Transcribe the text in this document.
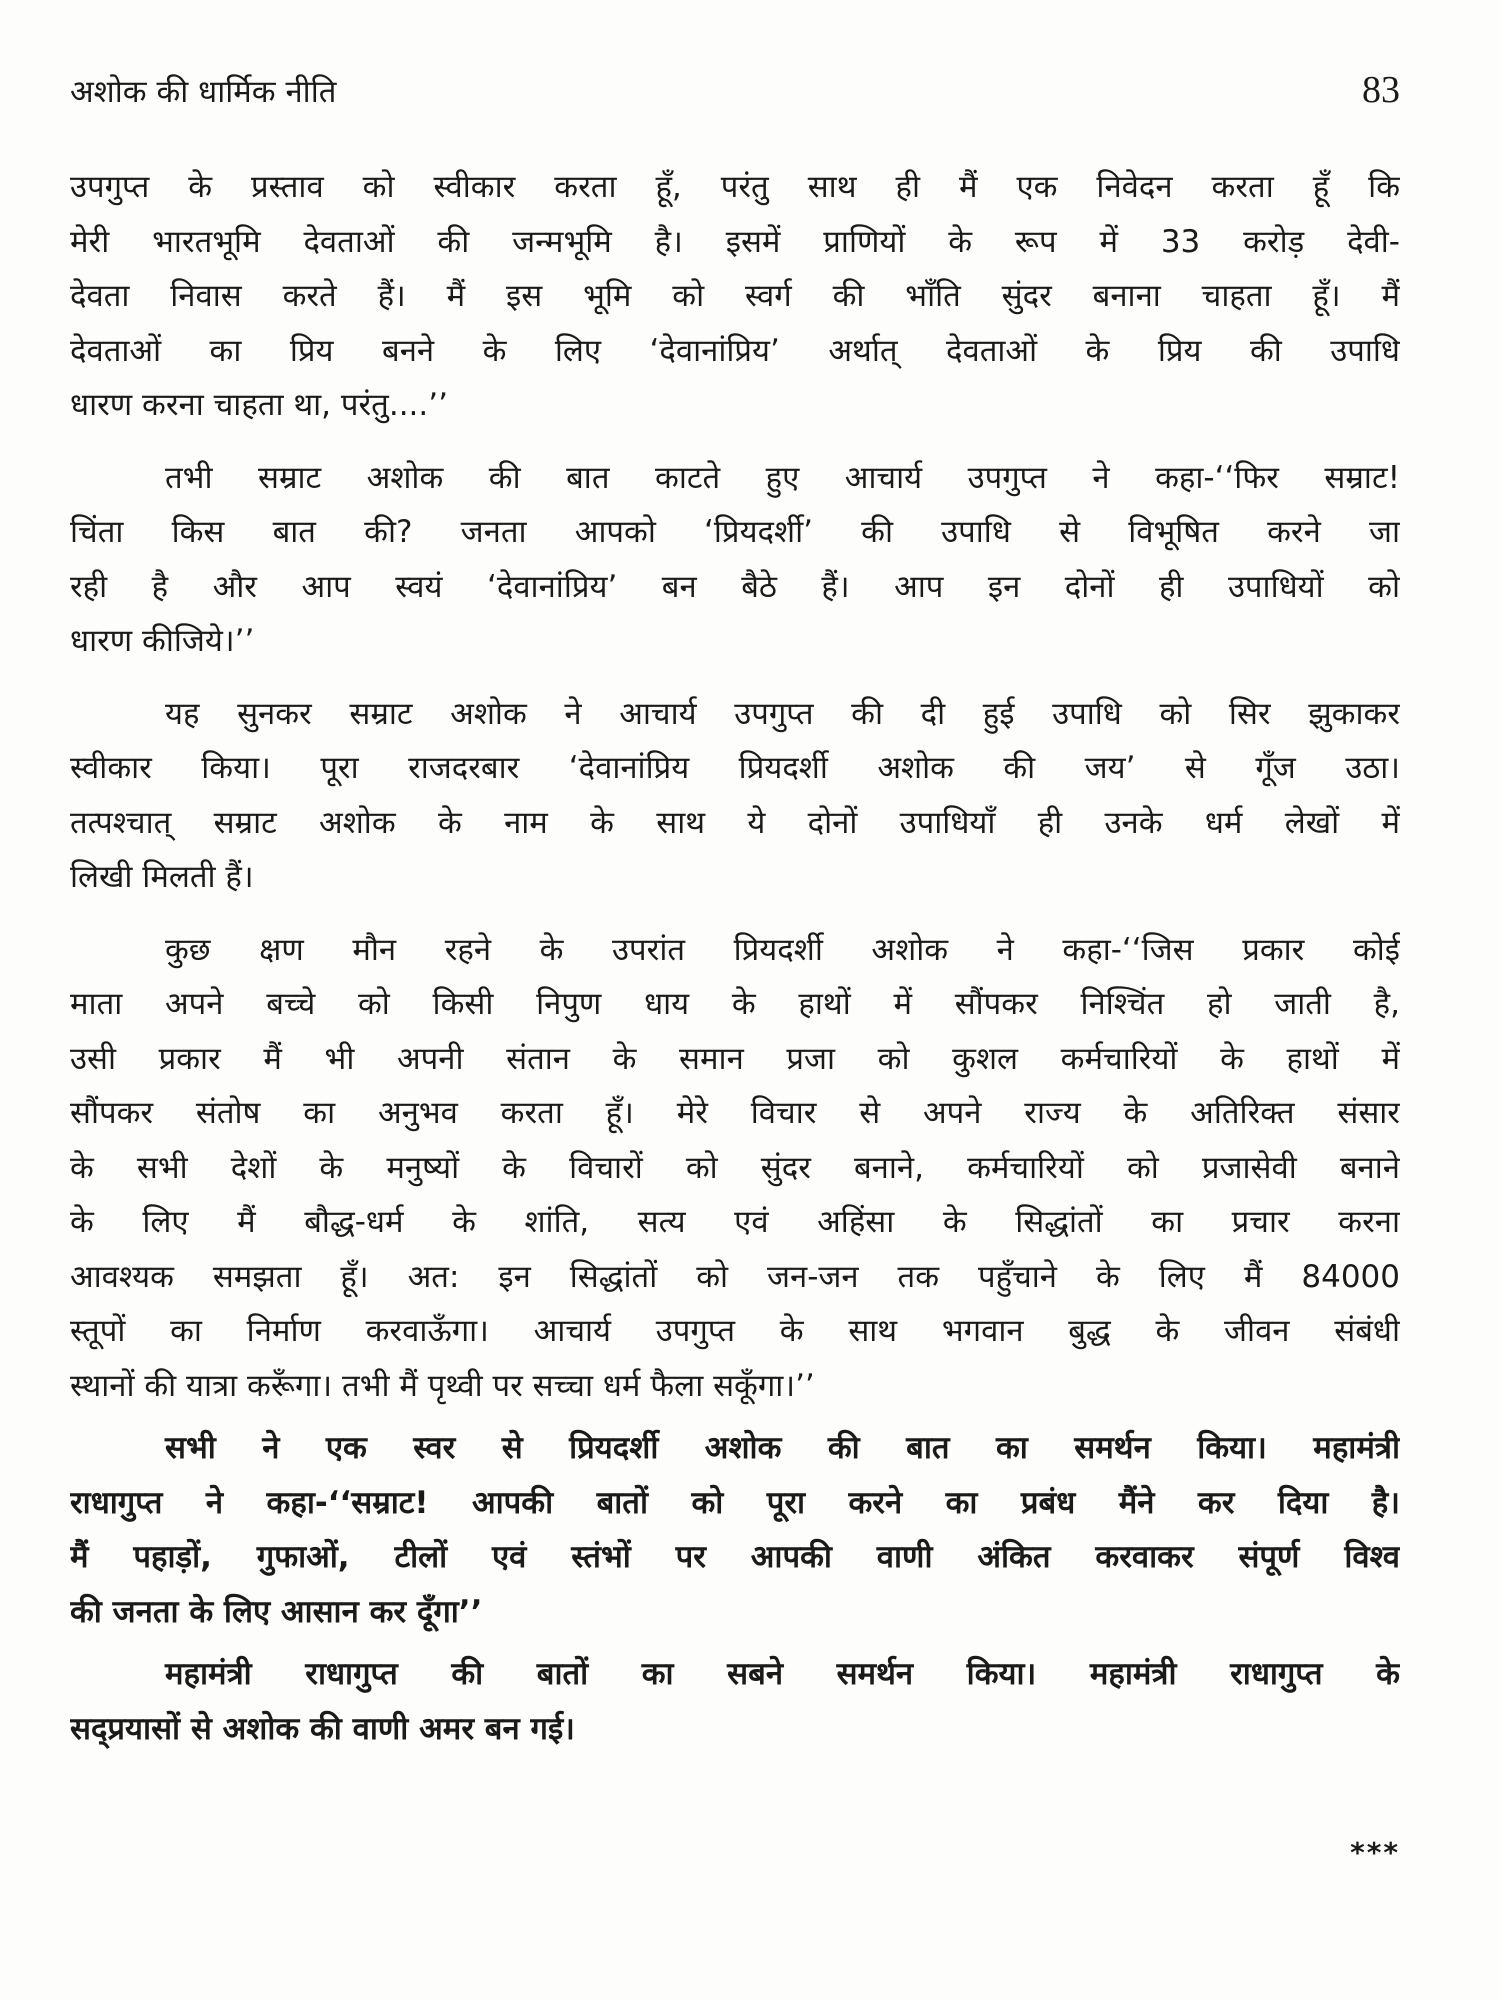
अशोक की धार्मिक नीति	83
उपगुप्त के प्रस्ताव को स्वीकार करता हूँ, परंतु साथ ही मैं एक निवेदन करता हूँ कि
मेरी भारतभूमि देवताओं की जन्मभूमि है। इसमें प्राणियों के रूप में 33 करोड़ देवी-
देवता निवास करते हैं। मैं इस भूमि को स्वर्ग की भाँति सुंदर बनाना चाहता हूँ। मैं
देवताओं का प्रिय बनने के लिए ‘देवानांप्रिय’ अर्थात् देवताओं के प्रिय की उपाधि
धारण करना चाहता था, परंतु....’’
तभी सम्राट अशोक की बात काटते हुए आचार्य उपगुप्त ने कहा-‘‘फिर सम्राट!
चिंता किस बात की? जनता आपको ‘प्रियदर्शी’ की उपाधि से विभूषित करने जा
रही है और आप स्वयं ‘देवानांप्रिय’ बन बैठे हैं। आप इन दोनों ही उपाधियों को
धारण कीजिये।’’
यह सुनकर सम्राट अशोक ने आचार्य उपगुप्त की दी हुई उपाधि को सिर झुकाकर
स्वीकार किया। पूरा राजदरबार ‘देवानांप्रिय प्रियदर्शी अशोक की जय’ से गूँज उठा।
तत्पश्चात् सम्राट अशोक के नाम के साथ ये दोनों उपाधियाँ ही उनके धर्म लेखों में
लिखी मिलती हैं।
कुछ क्षण मौन रहने के उपरांत प्रियदर्शी अशोक ने कहा-‘‘जिस प्रकार कोई
माता अपने बच्चे को किसी निपुण धाय के हाथों में सौंपकर निश्चिंत हो जाती है,
उसी प्रकार मैं भी अपनी संतान के समान प्रजा को कुशल कर्मचारियों के हाथों में
सौंपकर संतोष का अनुभव करता हूँ। मेरे विचार से अपने राज्य के अतिरिक्त संसार
के सभी देशों के मनुष्यों के विचारों को सुंदर बनाने, कर्मचारियों को प्रजासेवी बनाने
के लिए मैं बौद्ध-धर्म के शांति, सत्य एवं अहिंसा के सिद्धांतों का प्रचार करना
आवश्यक समझता हूँ। अत: इन सिद्धांतों को जन-जन तक पहुँचाने के लिए मैं 84000
स्तूपों का निर्माण करवाऊँगा। आचार्य उपगुप्त के साथ भगवान बुद्ध के जीवन संबंधी
स्थानों की यात्रा करूँगा। तभी मैं पृथ्वी पर सच्चा धर्म फैला सकूँगा।’’
सभी ने एक स्वर से प्रियदर्शी अशोक की बात का समर्थन किया। महामंत्री
राधागुप्त ने कहा-‘‘सम्राट! आपकी बातों को पूरा करने का प्रबंध मैंने कर दिया है।
मैं पहाड़ों, गुफाओं, टीलों एवं स्तंभों पर आपकी वाणी अंकित करवाकर संपूर्ण विश्व
की जनता के लिए आसान कर दूँगा’’
महामंत्री राधागुप्त की बातों का सबने समर्थन किया। महामंत्री राधागुप्त के
सद्प्रयासों से अशोक की वाणी अमर बन गई।
***
